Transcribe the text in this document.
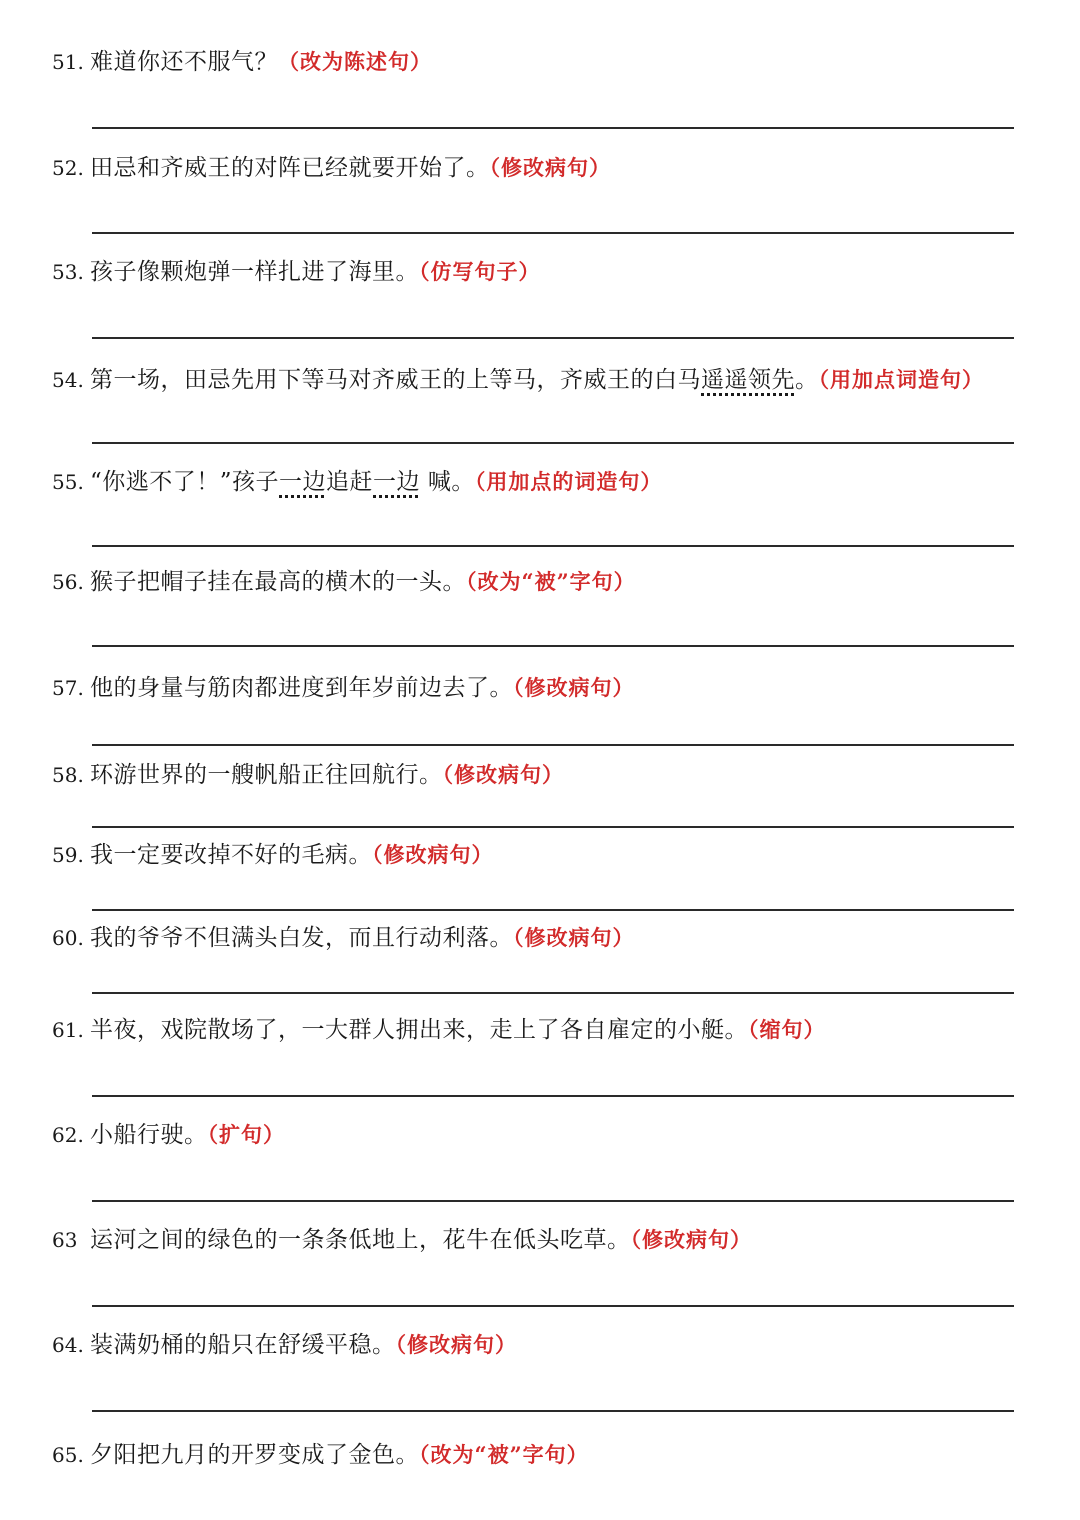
51. 难道你还不服气？（改为陈述句）
52. 田忌和齐威王的对阵已经就要开始了。（修改病句）
53. 孩子像颗炮弹一样扎进了海里。（仿写句子）
54. 第一场，田忌先用下等马对齐威王的上等马，齐威王的白马遥遥领先。（用加点词造句）
55. “你逃不了！”孩子一边追赶一边 喊。（用加点的词造句）
56. 猴子把帽子挂在最高的横木的一头。（改为“被”字句）
57. 他的身量与筋肉都进度到年岁前边去了。（修改病句）
58. 环游世界的一艘帆船正往回航行。（修改病句）
59. 我一定要改掉不好的毛病。（修改病句）
60. 我的爷爷不但满头白发，而且行动利落。（修改病句）
61. 半夜，戏院散场了，一大群人拥出来，走上了各自雇定的小艇。（缩句）
62. 小船行驶。（扩句）
63 运河之间的绿色的一条条低地上，花牛在低头吃草。（修改病句）
64. 装满奶桶的船只在舒缓平稳。（修改病句）
65. 夕阳把九月的开罗变成了金色。（改为“被”字句）
